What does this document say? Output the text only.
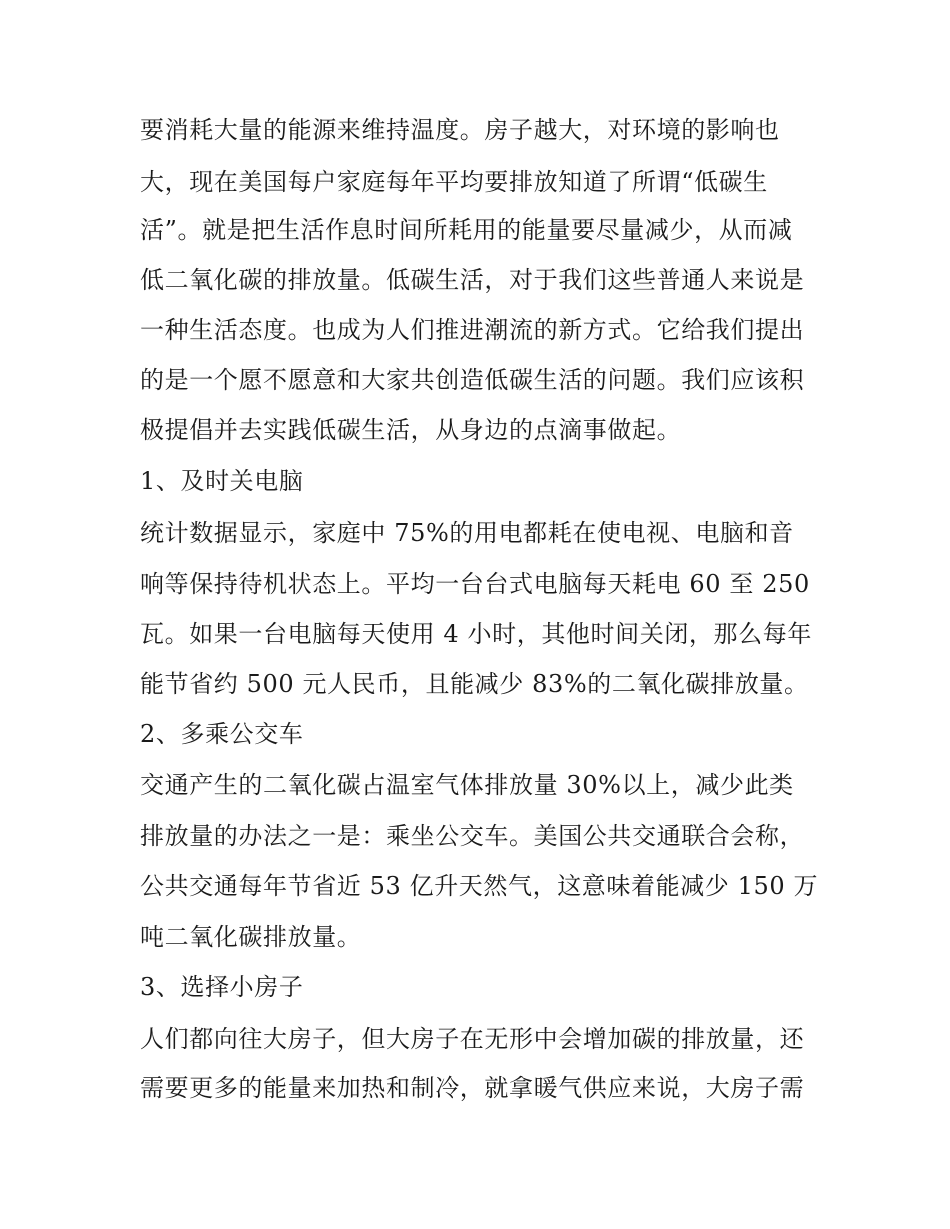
要消耗大量的能源来维持温度。房子越大，对环境的影响也
大，现在美国每户家庭每年平均要排放知道了所谓“低碳生
活”。就是把生活作息时间所耗用的能量要尽量减少，从而减
低二氧化碳的排放量。低碳生活，对于我们这些普通人来说是
一种生活态度。也成为人们推进潮流的新方式。它给我们提出
的是一个愿不愿意和大家共创造低碳生活的问题。我们应该积
极提倡并去实践低碳生活，从身边的点滴事做起。
1、及时关电脑
统计数据显示，家庭中 75%的用电都耗在使电视、电脑和音
响等保持待机状态上。平均一台台式电脑每天耗电 60 至 250
瓦。如果一台电脑每天使用 4 小时，其他时间关闭，那么每年
能节省约 500 元人民币，且能减少 83%的二氧化碳排放量。
2、多乘公交车
交通产生的二氧化碳占温室气体排放量 30%以上，减少此类
排放量的办法之一是：乘坐公交车。美国公共交通联合会称，
公共交通每年节省近 53 亿升天然气，这意味着能减少 150 万
吨二氧化碳排放量。
3、选择小房子
人们都向往大房子，但大房子在无形中会增加碳的排放量，还
需要更多的能量来加热和制冷，就拿暖气供应来说，大房子需
